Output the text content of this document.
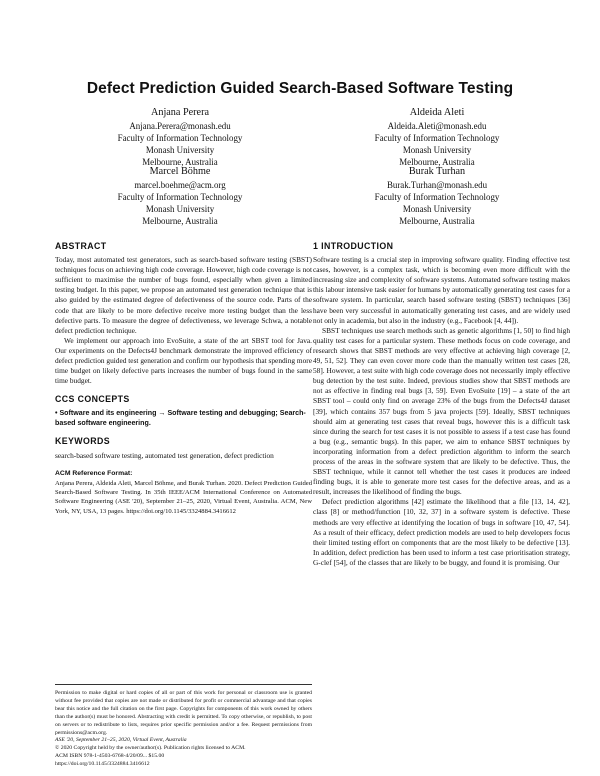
Defect Prediction Guided Search-Based Software Testing
Anjana Perera
Anjana.Perera@monash.edu
Faculty of Information Technology
Monash University
Melbourne, Australia
Aldeida Aleti
Aldeida.Aleti@monash.edu
Faculty of Information Technology
Monash University
Melbourne, Australia
Marcel Böhme
marcel.boehme@acm.org
Faculty of Information Technology
Monash University
Melbourne, Australia
Burak Turhan
Burak.Turhan@monash.edu
Faculty of Information Technology
Monash University
Melbourne, Australia
ABSTRACT

Today, most automated test generators, such as search-based software testing (SBST) techniques focus on achieving high code coverage. However, high code coverage is not sufficient to maximise the number of bugs found, especially when given a limited testing budget. In this paper, we propose an automated test generation technique that is also guided by the estimated degree of defectiveness of the source code. Parts of the code that are likely to be more defective receive more testing budget than the less defective parts. To measure the degree of defectiveness, we leverage Schwa, a notable defect prediction technique.

We implement our approach into EvoSuite, a state of the art SBST tool for Java. Our experiments on the Defects4J benchmark demonstrate the improved efficiency of defect prediction guided test generation and confirm our hypothesis that spending more time budget on likely defective parts increases the number of bugs found in the same time budget.

CCS CONCEPTS

• Software and its engineering → Software testing and debugging; Search-based software engineering.

KEYWORDS

search-based software testing, automated test generation, defect prediction

ACM Reference Format:

Anjana Perera, Aldeida Aleti, Marcel Böhme, and Burak Turhan. 2020. Defect Prediction Guided Search-Based Software Testing. In 35th IEEE/ACM International Conference on Automated Software Engineering (ASE '20), September 21–25, 2020, Virtual Event, Australia. ACM, New York, NY, USA, 13 pages. https://doi.org/10.1145/3324884.3416612

Permission to make digital or hard copies of all or part of this work for personal or classroom use is granted without fee provided that copies are not made or distributed for profit or commercial advantage and that copies bear this notice and the full citation on the first page. Copyrights for components of this work owned by others than the author(s) must be honored. Abstracting with credit is permitted. To copy otherwise, or republish, to post on servers or to redistribute to lists, requires prior specific permission and/or a fee. Request permissions from permissions@acm.org.
ASE '20, September 21–25, 2020, Virtual Event, Australia
© 2020 Copyright held by the owner/author(s). Publication rights licensed to ACM.
ACM ISBN 978-1-4503-6768-4/20/09... $15.00
https://doi.org/10.1145/3324884.3416612
1 INTRODUCTION

Software testing is a crucial step in improving software quality. Finding effective test cases, however, is a complex task, which is becoming even more difficult with the increasing size and complexity of software systems. Automated software testing makes this labour intensive task easier for humans by automatically generating test cases for a software system. In particular, search based software testing (SBST) techniques [36] have been very successful in automatically generating test cases, and are widely used not only in academia, but also in the industry (e.g., Facebook [4, 44]).

SBST techniques use search methods such as genetic algorithms [1, 50] to find high quality test cases for a particular system. These methods focus on code coverage, and research shows that SBST methods are very effective at achieving high coverage [2, 49, 51, 52]. They can even cover more code than the manually written test cases [28, 58]. However, a test suite with high code coverage does not necessarily imply effective bug detection by the test suite. Indeed, previous studies show that SBST methods are not as effective in finding real bugs [3, 59]. Even EvoSuite [19] – a state of the art SBST tool – could only find on average 23% of the bugs from the Defects4J dataset [39], which contains 357 bugs from 5 java projects [59]. Ideally, SBST techniques should aim at generating test cases that reveal bugs, however this is a difficult task since during the search for test cases it is not possible to assess if a test case has found a bug (e.g., semantic bugs). In this paper, we aim to enhance SBST techniques by incorporating information from a defect prediction algorithm to inform the search process of the areas in the software system that are likely to be defective. Thus, the SBST technique, while it cannot tell whether the test cases it produces are indeed finding bugs, it is able to generate more test cases for the defective areas, and as a result, increases the likelihood of finding the bugs.

Defect prediction algorithms [42] estimate the likelihood that a file [13, 14, 42], class [8] or method/function [10, 32, 37] in a software system is defective. These methods are very effective at identifying the location of bugs in software [10, 47, 54]. As a result of their efficacy, defect prediction models are used to help developers focus their limited testing effort on components that are the most likely to be defective [13]. In addition, defect prediction has been used to inform a test case prioritisation strategy, G-clef [54], of the classes that are likely to be buggy, and found it is promising. Our
